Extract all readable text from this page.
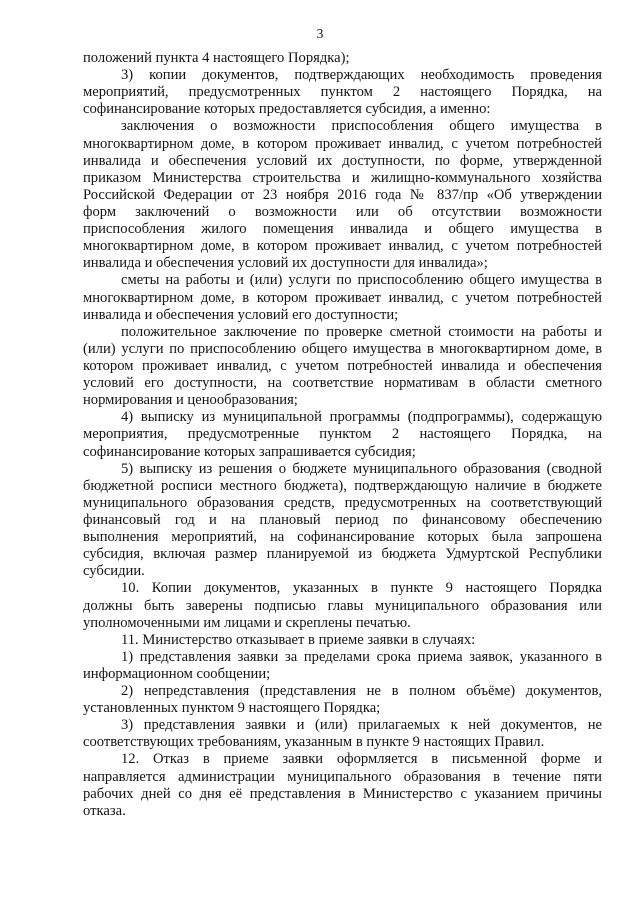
3
положений пункта 4 настоящего Порядка);
3) копии документов, подтверждающих необходимость проведения
мероприятий, предусмотренных пунктом 2 настоящего Порядка, на
софинансирование которых предоставляется субсидия, а именно:
заключения о возможности приспособления общего имущества в
многоквартирном доме, в котором проживает инвалид, с учетом потребностей
инвалида и обеспечения условий их доступности, по форме, утвержденной
приказом Министерства строительства и жилищно-коммунального хозяйства
Российской Федерации от 23 ноября 2016 года № 837/пр «Об утверждении
форм заключений о возможности или об отсутствии возможности
приспособления жилого помещения инвалида и общего имущества в
многоквартирном доме, в котором проживает инвалид, с учетом потребностей
инвалида и обеспечения условий их доступности для инвалида»;
сметы на работы и (или) услуги по приспособлению общего имущества в
многоквартирном доме, в котором проживает инвалид, с учетом потребностей
инвалида и обеспечения условий его доступности;
положительное заключение по проверке сметной стоимости на работы и
(или) услуги по приспособлению общего имущества в многоквартирном доме, в
котором проживает инвалид, с учетом потребностей инвалида и обеспечения
условий его доступности, на соответствие нормативам в области сметного
нормирования и ценообразования;
4) выписку из муниципальной программы (подпрограммы), содержащую
мероприятия, предусмотренные пунктом 2 настоящего Порядка, на
софинансирование которых запрашивается субсидия;
5) выписку из решения о бюджете муниципального образования (сводной
бюджетной росписи местного бюджета), подтверждающую наличие в бюджете
муниципального образования средств, предусмотренных на соответствующий
финансовый год и на плановый период по финансовому обеспечению
выполнения мероприятий, на софинансирование которых была запрошена
субсидия, включая размер планируемой из бюджета Удмуртской Республики
субсидии.
10. Копии документов, указанных в пункте 9 настоящего Порядка
должны быть заверены подписью главы муниципального образования или
уполномоченными им лицами и скреплены печатью.
11. Министерство отказывает в приеме заявки в случаях:
1) представления заявки за пределами срока приема заявок, указанного в
информационном сообщении;
2) непредставления (представления не в полном объёме) документов,
установленных пунктом 9 настоящего Порядка;
3) представления заявки и (или) прилагаемых к ней документов, не
соответствующих требованиям, указанным в пункте 9 настоящих Правил.
12. Отказ в приеме заявки оформляется в письменной форме и
направляется администрации муниципального образования в течение пяти
рабочих дней со дня её представления в Министерство с указанием причины
отказа.
